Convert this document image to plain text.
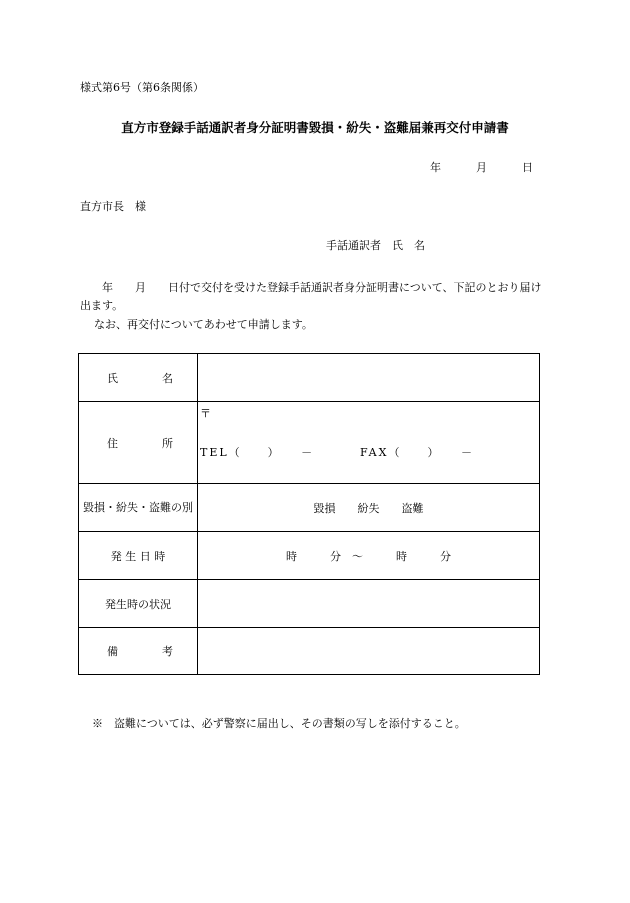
様式第6号（第6条関係）
直方市登録手話通訳者身分証明書毀損・紛失・盗難届兼再交付申請書
年	月	日
直方市長　様
手話通訳者　氏　名
　　年　　月　　日付で交付を受けた登録手話通訳者身分証明書について、下記のとおり届け出ます。
なお、再交付についてあわせて申請します。
氏 名	

住 所	〒
TEL（　　）　　－ FAX（　　）　　－

毀損・紛失・盗難の別	毀損　　紛失　　盗難
発 生 日 時	時　　　分　～　　　時　　　分
発生時の状況	

備 考	

※　盗難については、必ず警察に届出し、その書類の写しを添付すること。
